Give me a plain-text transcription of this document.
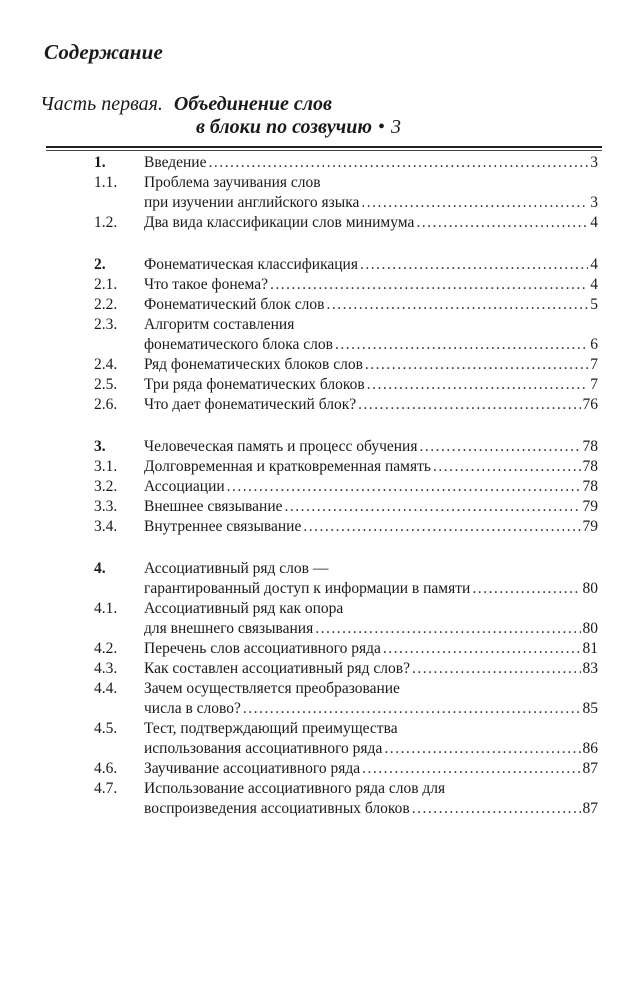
Содержание
Часть первая. Объединение слов
в блоки по созвучию • 3
1.	Введение .....	3
1.1.	Проблема заучивания слов
при изучении английского языка .....	3
1.2.	Два вида классификации слов минимума .....	4
2.	Фонематическая классификация .....	4
2.1.	Что такое фонема? .....	4
2.2.	Фонематический блок слов .....	5
2.3.	Алгоритм составления
фонематического блока слов .....	6
2.4.	Ряд фонематических блоков слов .....	7
2.5.	Три ряда фонематических блоков .....	7
2.6.	Что дает фонематический блок? .....	76
3.	Человеческая память и процесс обучения .....	78
3.1.	Долговременная и кратковременная память .....	78
3.2.	Ассоциации .....	78
3.3.	Внешнее связывание .....	79
3.4.	Внутреннее связывание .....	79
4.	Ассоциативный ряд слов —
гарантированный доступ к информации в памяти .....	80
4.1.	Ассоциативный ряд как опора
для внешнего связывания .....	80
4.2.	Перечень слов ассоциативного ряда .....	81
4.3.	Как составлен ассоциативный ряд слов? .....	83
4.4.	Зачем осуществляется преобразование
числа в слово? .....	85
4.5.	Тест, подтверждающий преимущества
использования ассоциативного ряда .....	86
4.6.	Заучивание ассоциативного ряда .....	87
4.7.	Использование ассоциативного ряда слов для
воспроизведения ассоциативных блоков .....	87
